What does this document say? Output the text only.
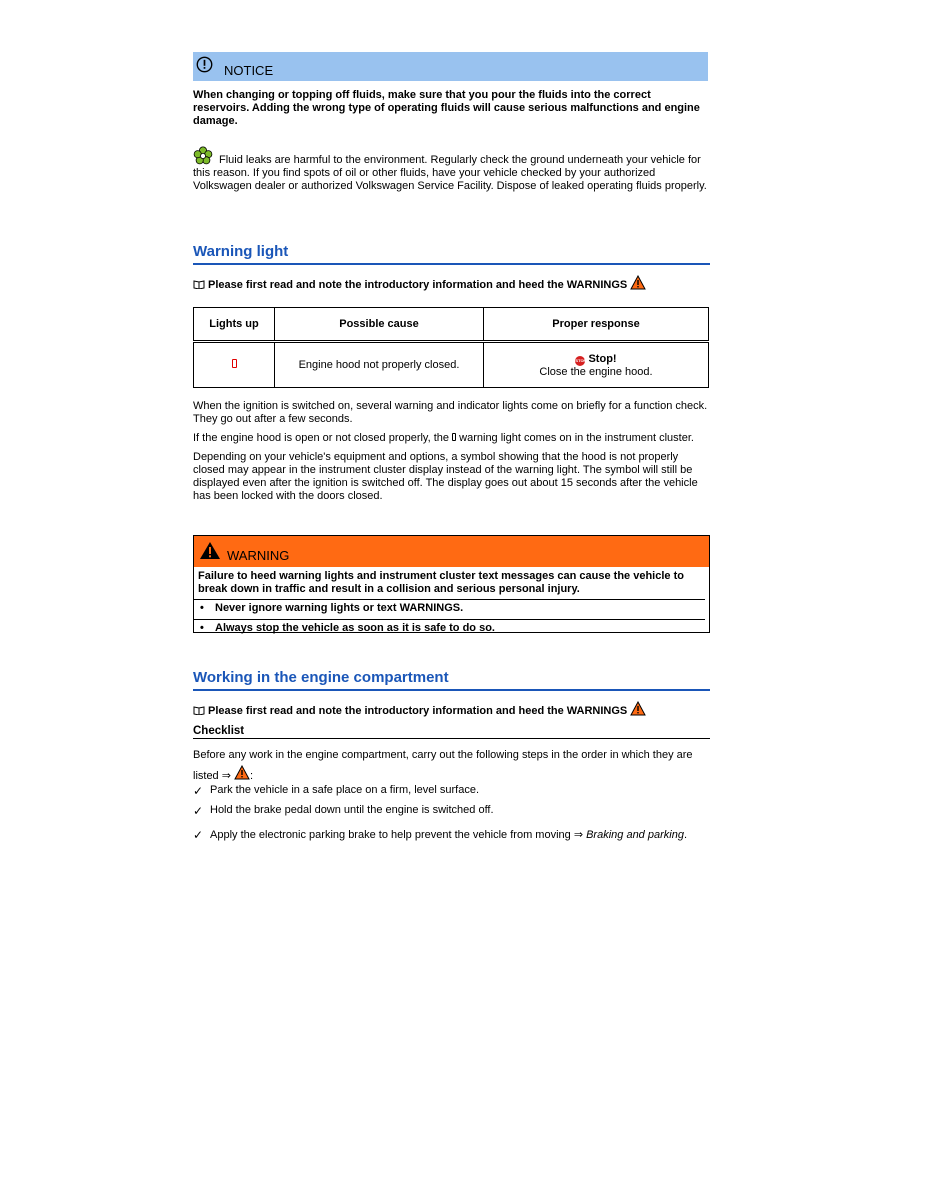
NOTICE

When changing or topping off fluids, make sure that you pour the fluids into the correct reservoirs. Adding the wrong type of operating fluids will cause serious malfunctions and engine damage.

Fluid leaks are harmful to the environment. Regularly check the ground underneath your vehicle for this reason. If you find spots of oil or other fluids, have your vehicle checked by your authorized Volkswagen dealer or authorized Volkswagen Service Facility. Dispose of leaked operating fluids properly.

Warning light
Please first read and note the introductory information and heed the WARNINGS
Lights up	Possible cause	Proper response
	Engine hood not properly closed.	STOP Stop!
Close the engine hood.

When the ignition is switched on, several warning and indicator lights come on briefly for a function check. They go out after a few seconds.

If the engine hood is open or not closed properly, the warning light comes on in the instrument cluster.

Depending on your vehicle's equipment and options, a symbol showing that the hood is not properly closed may appear in the instrument cluster display instead of the warning light. The symbol will still be displayed even after the ignition is switched off. The display goes out about 15 seconds after the vehicle has been locked with the doors closed.

WARNING

Failure to heed warning lights and instrument cluster text messages can cause the vehicle to break down in traffic and result in a collision and serious personal injury.

• Never ignore warning lights or text WARNINGS.
• Always stop the vehicle as soon as it is safe to do so.
Working in the engine compartment
Please first read and note the introductory information and heed the WARNINGS
Checklist
Before any work in the engine compartment, carry out the following steps in the order in which they are listed ⇒ :
✓ Park the vehicle in a safe place on a firm, level surface.
✓ Hold the brake pedal down until the engine is switched off.
✓ Apply the electronic parking brake to help prevent the vehicle from moving ⇒ Braking and parking.
